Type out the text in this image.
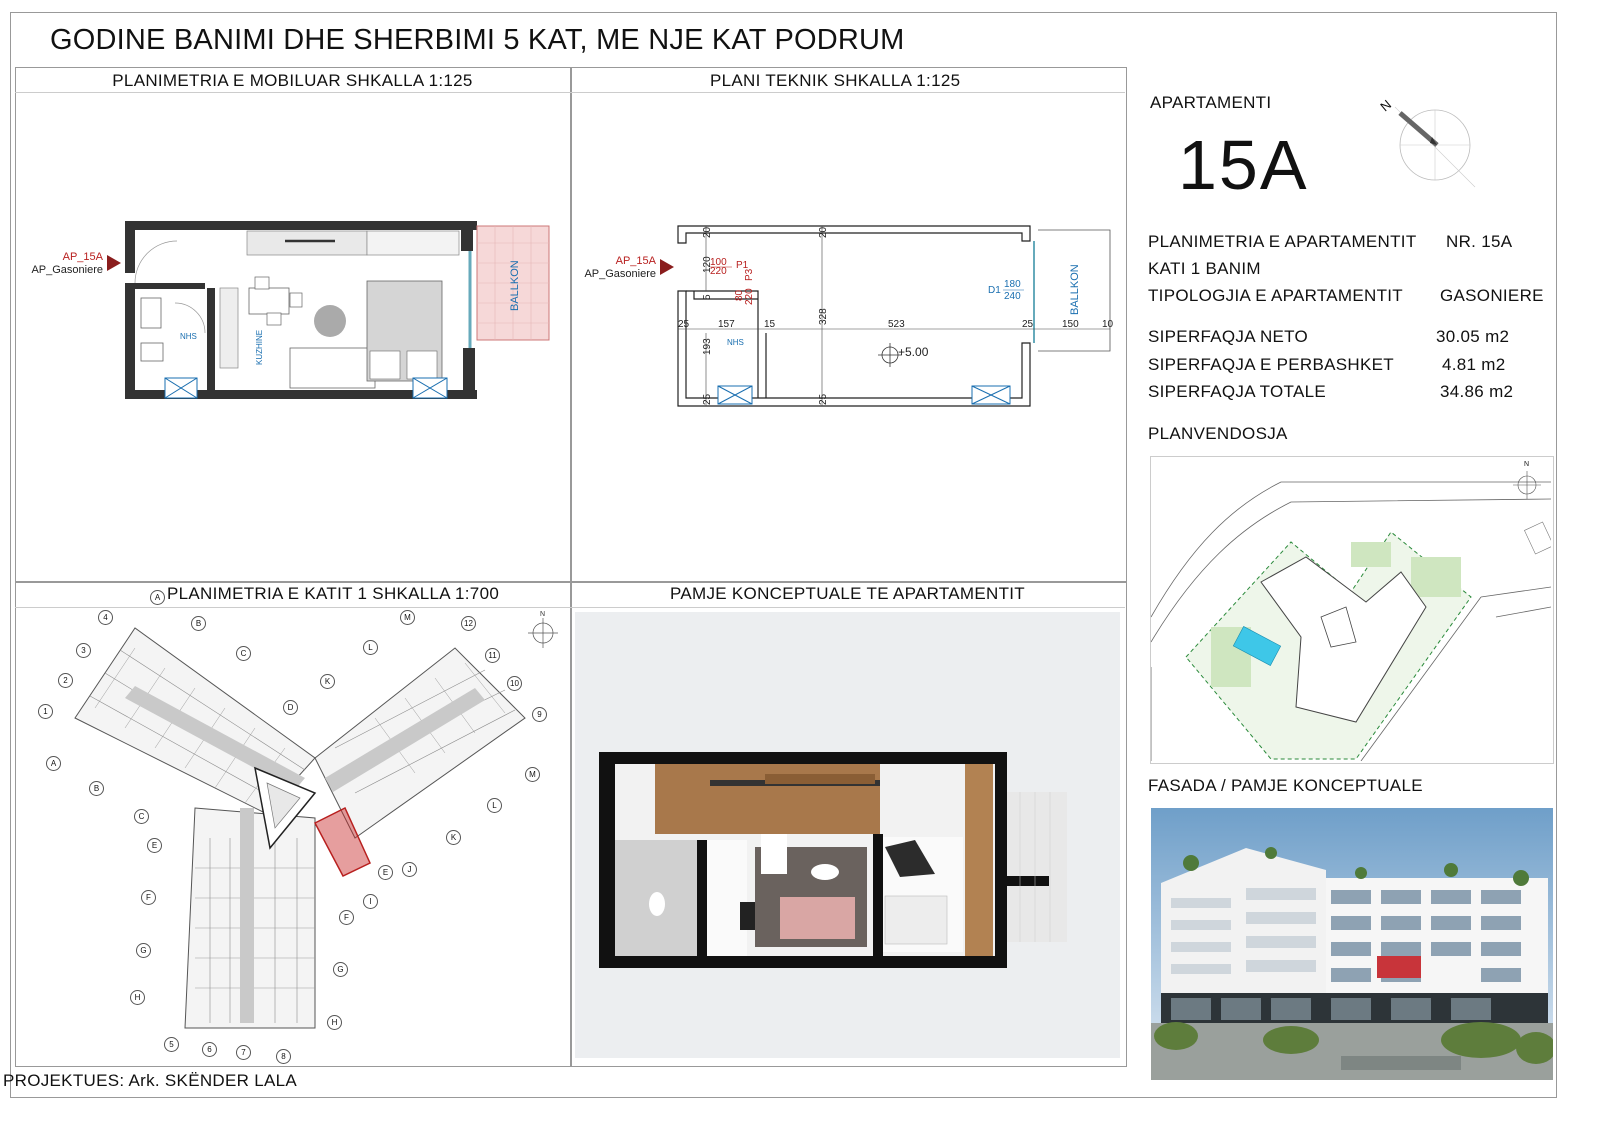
GODINE BANIMI DHE SHERBIMI 5 KAT, ME NJE KAT PODRUM
PLANIMETRIA E MOBILUAR SHKALLA 1:125	PLANI TEKNIK SHKALLA 1:125
PLANIMETRIA E KATIT 1 SHKALLA 1:700	PAMJE KONCEPTUALE TE APARTAMENTIT
AP_15A
AP_Gasoniere	BALLKON
KUZHINE
NHS
AP_15A
AP_Gasoniere	BALLKON
20
120
5
20
328
25	157	15	523	25	150 10
193
25	25
100
220
P1
80 220
P3
D1
180
240
NHS
+5.00
N
A
B
C
D
A
B
C
E
F
G
H
H
G
F
I
E	J
K
L
M
K
L
M
1
2
3
4
5
6	7	8
9
10
11
12
APARTAMENTI
15A
N
PLANIMETRIA E APARTAMENTIT NR. 15A
KATI 1 BANIM
TIPOLOGJIA E APARTAMENTIT GASONIERE
SIPERFAQJA NETO	30.05 m2
SIPERFAQJA E PERBASHKET	4.81 m2
SIPERFAQJA TOTALE	34.86 m2
PLANVENDOSJA
N
FASADA / PAMJE KONCEPTUALE
PROJEKTUES: Ark. SKËNDER LALA
